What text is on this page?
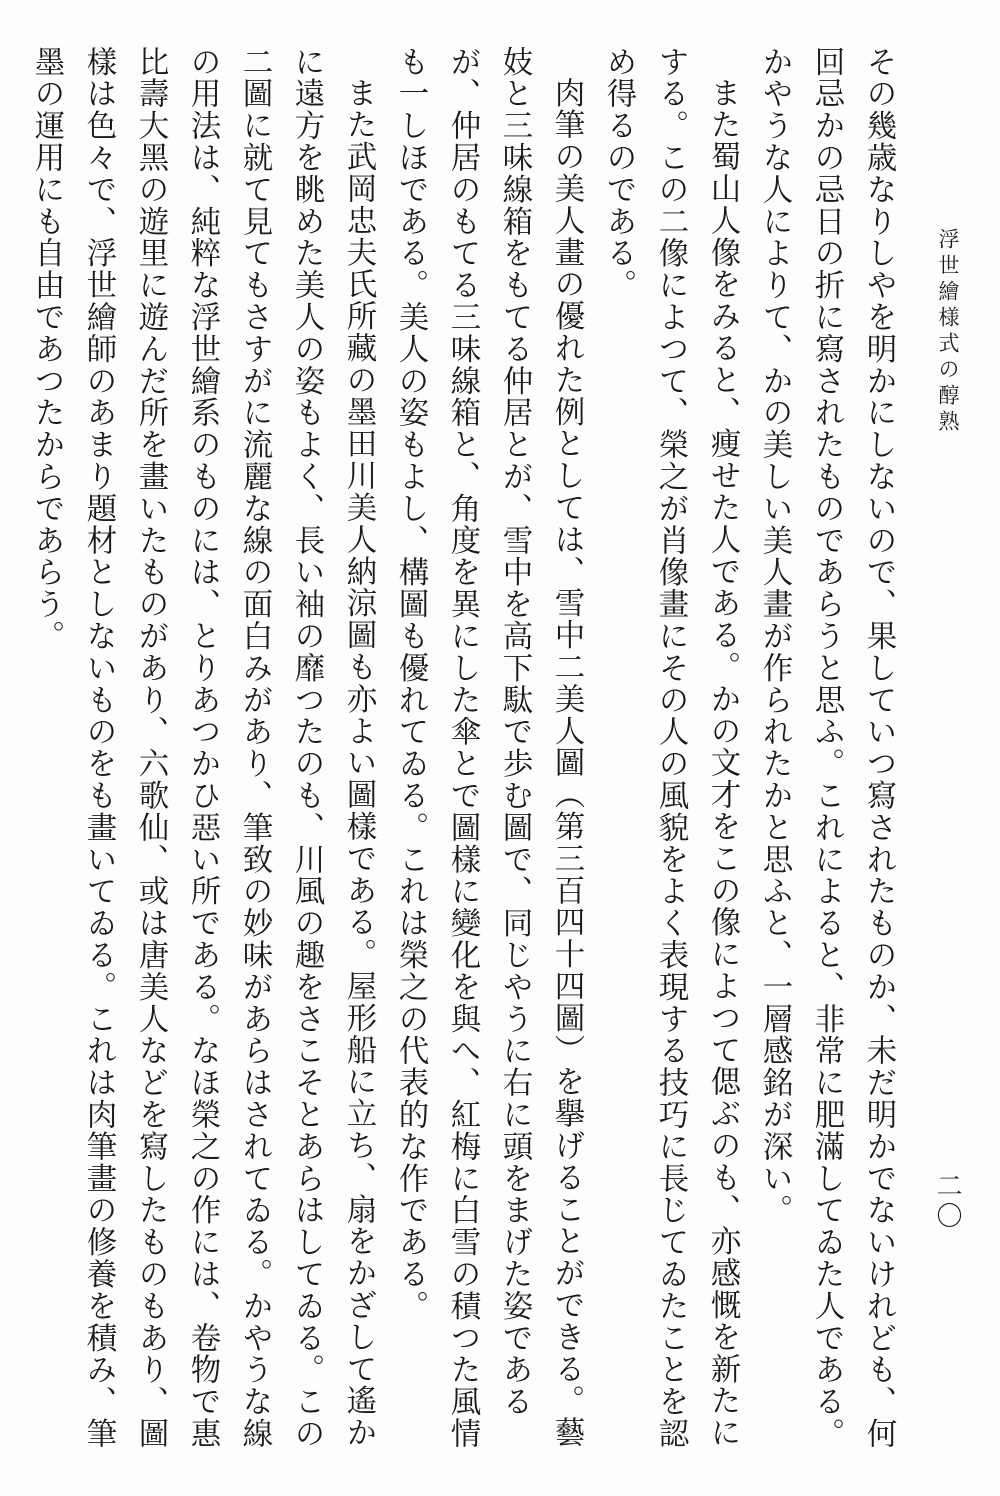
浮世繪様式の醇熟
二〇

その幾歳なりしやを明かにしないので、果していつ寫されたものか、未だ明かでないけれども、何回忌かの忌日の折に寫されたものであらうと思ふ。これによると、非常に肥滿してゐた人である。かやうな人によりて、かの美しい美人畫が作られたかと思ふと、一層感銘が深い。

また蜀山人像をみると、痩せた人である。かの文才をこの像によつて偲ぶのも、亦感慨を新たにする。この二像によつて、榮之が肖像畫にその人の風貌をよく表現する技巧に長じてゐたことを認め得るのである。

肉筆の美人畫の優れた例としては、雪中二美人圖（第三百四十四圖）を擧げることができる。藝妓と三味線箱をもてる仲居とが、雪中を高下駄で歩む圖で、同じやうに右に頭をまげた姿であるが、仲居のもてる三味線箱と、角度を異にした傘とで圖樣に變化を與へ、紅梅に白雪の積つた風情も一しほである。美人の姿もよし、構圖も優れてゐる。これは榮之の代表的な作である。

また武岡忠夫氏所藏の墨田川美人納涼圖も亦よい圖樣である。屋形船に立ち、扇をかざして遙かに遠方を眺めた美人の姿もよく、長い袖の靡つたのも、川風の趣をさこそとあらはしてゐる。この二圖に就て見てもさすがに流麗な線の面白みがあり、筆致の妙味があらはされてゐる。かやうな線の用法は、純粹な浮世繪系のものには、とりあつかひ惡い所である。なほ榮之の作には、卷物で惠比壽大黑の遊里に遊んだ所を畫いたものがあり、六歌仙、或は唐美人などを寫したものもあり、圖樣は色々で、浮世繪師のあまり題材としないものをも畫いてゐる。これは肉筆畫の修養を積み、筆墨の運用にも自由であつたからであらう。
